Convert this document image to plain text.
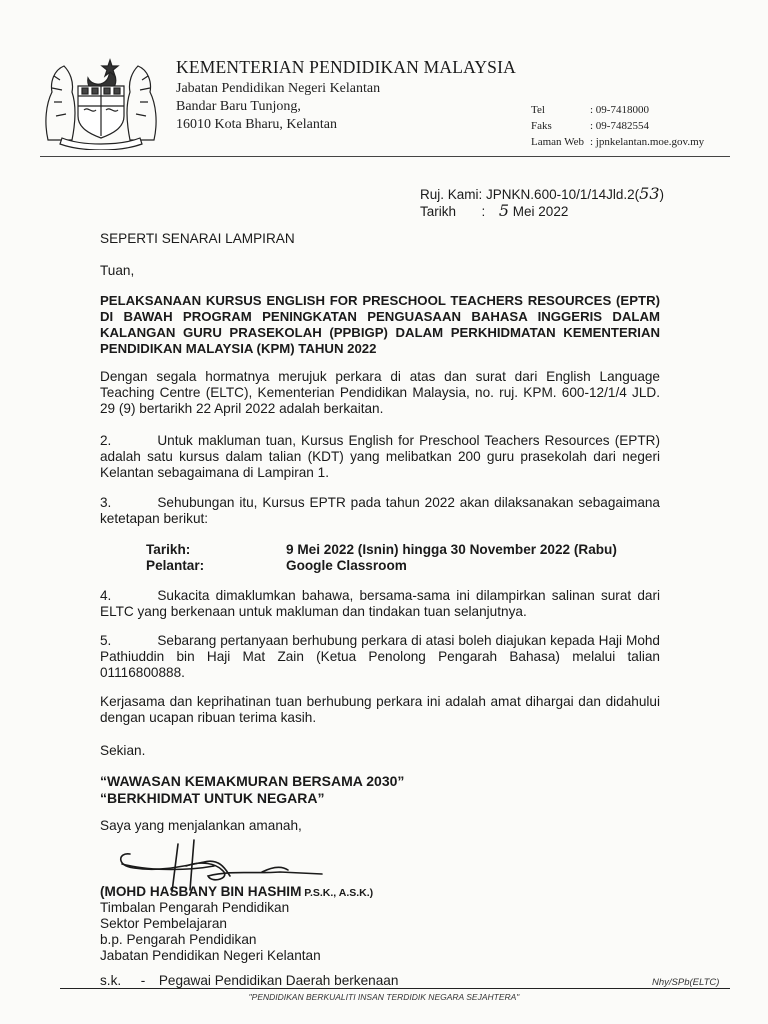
KEMENTERIAN PENDIDIKAN MALAYSIA
Jabatan Pendidikan Negeri Kelantan
Bandar Baru Tunjong,
16010 Kota Bharu, Kelantan
Tel	: 09-7418000
Faks	: 09-7482554
Laman Web : jpnkelantan.moe.gov.my
Ruj. Kami: JPNKN.600-10/1/14Jld.2(53)
Tarikh : 5 Mei 2022
SEPERTI SENARAI LAMPIRAN
Tuan,
PELAKSANAAN KURSUS ENGLISH FOR PRESCHOOL TEACHERS RESOURCES (EPTR) DI BAWAH PROGRAM PENINGKATAN PENGUASAAN BAHASA INGGERIS DALAM KALANGAN GURU PRASEKOLAH (PPBIGP) DALAM PERKHIDMATAN KEMENTERIAN PENDIDIKAN MALAYSIA (KPM) TAHUN 2022
Dengan segala hormatnya merujuk perkara di atas dan surat dari English Language Teaching Centre (ELTC), Kementerian Pendidikan Malaysia, no. ruj. KPM. 600-12/1/4 JLD. 29 (9) bertarikh 22 April 2022 adalah berkaitan.
2.	Untuk makluman tuan, Kursus English for Preschool Teachers Resources (EPTR) adalah satu kursus dalam talian (KDT) yang melibatkan 200 guru prasekolah dari negeri Kelantan sebagaimana di Lampiran 1.
3.	Sehubungan itu, Kursus EPTR pada tahun 2022 akan dilaksanakan sebagaimana ketetapan berikut:
Tarikh:	9 Mei 2022 (Isnin) hingga 30 November 2022 (Rabu)
Pelantar:	Google Classroom
4.	Sukacita dimaklumkan bahawa, bersama-sama ini dilampirkan salinan surat dari ELTC yang berkenaan untuk makluman dan tindakan tuan selanjutnya.
5.	Sebarang pertanyaan berhubung perkara di atasi boleh diajukan kepada Haji Mohd Pathiuddin bin Haji Mat Zain (Ketua Penolong Pengarah Bahasa) melalui talian 01116800888.
Kerjasama dan keprihatinan tuan berhubung perkara ini adalah amat dihargai dan didahului dengan ucapan ribuan terima kasih.
Sekian.
“WAWASAN KEMAKMURAN BERSAMA 2030”
“BERKHIDMAT UNTUK NEGARA”
Saya yang menjalankan amanah,
(MOHD HASBANY BIN HASHIM P.S.K., A.S.K.)
Timbalan Pengarah Pendidikan
Sektor Pembelajaran
b.p. Pengarah Pendidikan
Jabatan Pendidikan Negeri Kelantan
s.k. - Pegawai Pendidikan Daerah berkenaan	Nhy/SPb(ELTC)
"PENDIDIKAN BERKUALITI INSAN TERDIDIK NEGARA SEJAHTERA"
